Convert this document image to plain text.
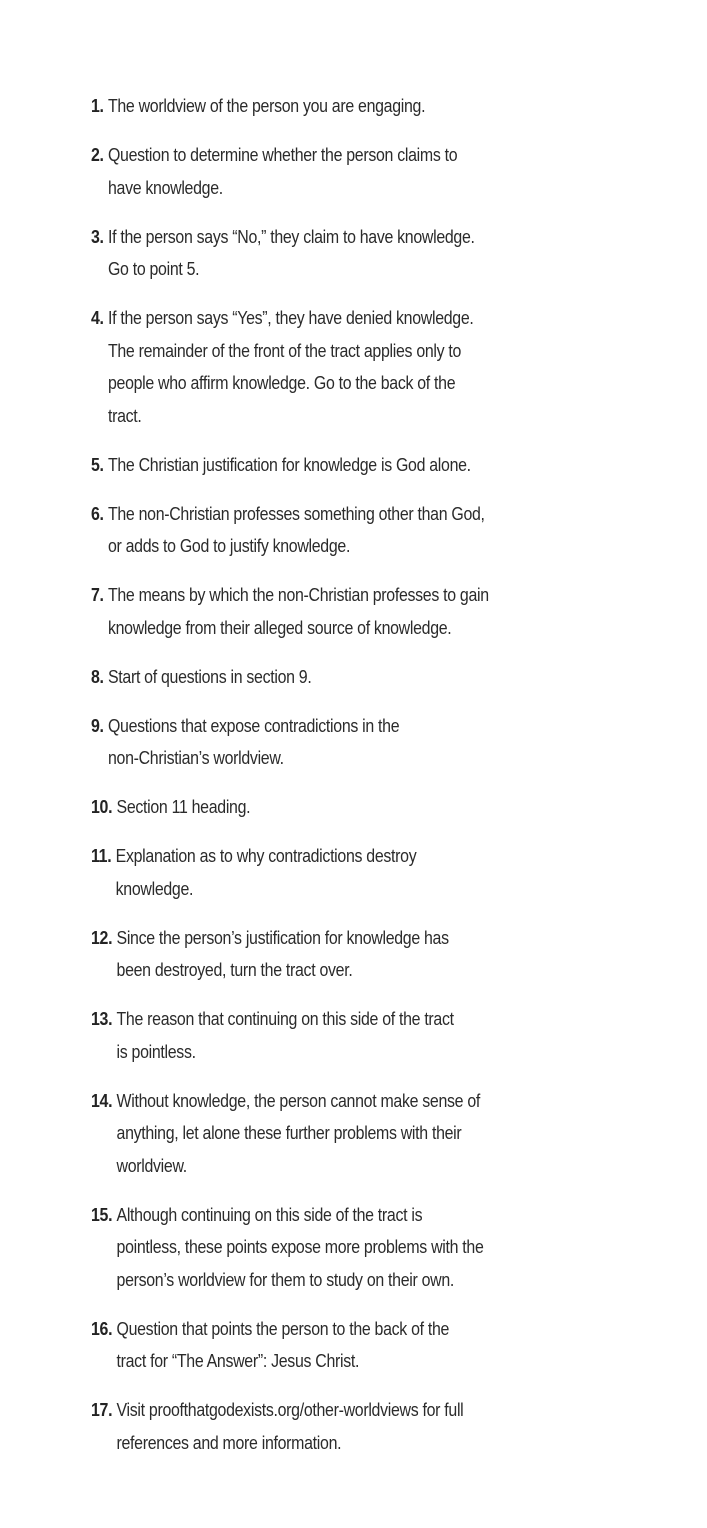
1. The worldview of the person you are engaging.
2. Question to determine whether the person claims to
have knowledge.
3. If the person says “No,” they claim to have knowledge.
Go to point 5.
4. If the person says “Yes”, they have denied knowledge.
The remainder of the front of the tract applies only to
people who affirm knowledge. Go to the back of the
tract.
5. The Christian justification for knowledge is God alone.
6. The non-Christian professes something other than God,
or adds to God to justify knowledge.
7. The means by which the non-Christian professes to gain
knowledge from their alleged source of knowledge.
8. Start of questions in section 9.
9. Questions that expose contradictions in the
non-Christian’s worldview.
10. Section 11 heading.
11. Explanation as to why contradictions destroy
knowledge.
12. Since the person’s justification for knowledge has
been destroyed, turn the tract over.
13. The reason that continuing on this side of the tract
is pointless.
14. Without knowledge, the person cannot make sense of
anything, let alone these further problems with their
worldview.
15. Although continuing on this side of the tract is
pointless, these points expose more problems with the
person’s worldview for them to study on their own.
16. Question that points the person to the back of the
tract for “The Answer”: Jesus Christ.
17. Visit proofthatgodexists.org/other-worldviews for full
references and more information.
